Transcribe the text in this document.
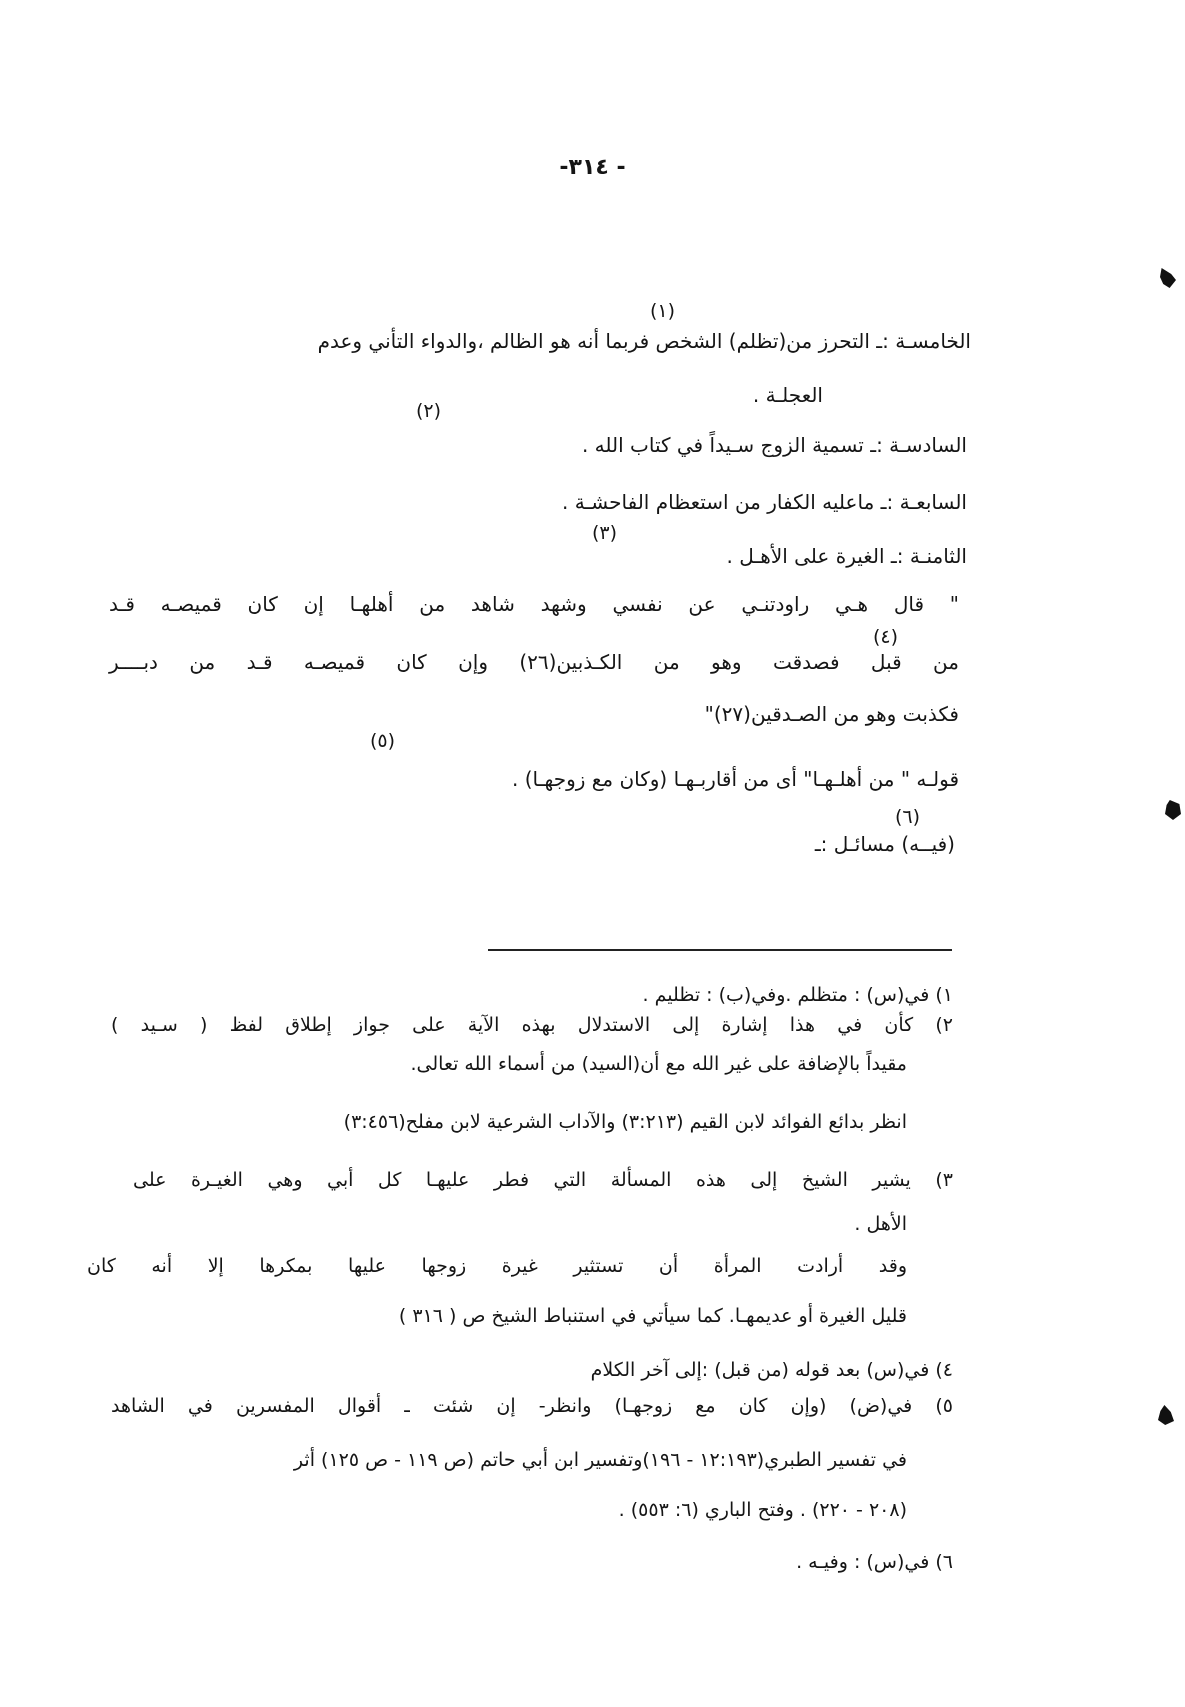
-٣١٤ -
(١)
الخامسـة :ـ التحرز من(تظلم) الشخص فربما أنه هو الظالم ،والدواء التأني وعدم
العجلـة .
(٢)
السادسـة :ـ تسمية الزوج سـيداً في كتاب الله .
السابعـة :ـ ماعليه الكفار من استعظام الفاحشـة .
(٣)
الثامنـة :ـ الغيرة على الأهـل .
" قال هـي راودتنـي عن نفسي وشهد شاهد من أهلهـا إن كان قميصـه قـد
(٤)
من قبل فصدقت وهو من الكـذبين(٢٦) وإن كان قميصـه قـد من دبــــر
فكذبت وهو من الصـدقين(٢٧)"
(٥)
قولـه " من أهلـهـا" أى من أقاربـهـا (وكان مع زوجهـا) .
(٦)
(فيــه) مسائـل :ـ
١) في(س) : متظلم .وفي(ب) : تظليم .
٢) كأن في هذا إشارة إلى الاستدلال بهذه الآية على جواز إطلاق لفظ ( سـيد )
مقيداً بالإضافة على غير الله مع أن(السيد) من أسماء الله تعالى.
انظر بدائع الفوائد لابن القيم (٣:٢١٣) والآداب الشرعية لابن مفلح(٣:٤٥٦)
٣) يشير الشيخ إلى هذه المسألة التي فطر عليهـا كل أبي وهي الغيـرة على
الأهل .
وقد أرادت المرأة أن تستثير غيرة زوجها عليها بمكرها إلا أنه كان
قليل الغيرة أو عديمهـا. كما سيأتي في استنباط الشيخ ص ( ٣١٦ )
٤) في(س) بعد قوله (من قبل) :إلى آخر الكلام
٥) في(ض) (وإن كان مع زوجهـا) وانظر- إن شئت ـ أقوال المفسرين في الشاهد
في تفسير الطبري(١٢:١٩٣ - ١٩٦)وتفسير ابن أبي حاتم (ص ١١٩ - ص ١٢٥) أثر
(٢٠٨ - ٢٢٠) . وفتح الباري (٦: ٥٥٣) .
٦) في(س) : وفيـه .
